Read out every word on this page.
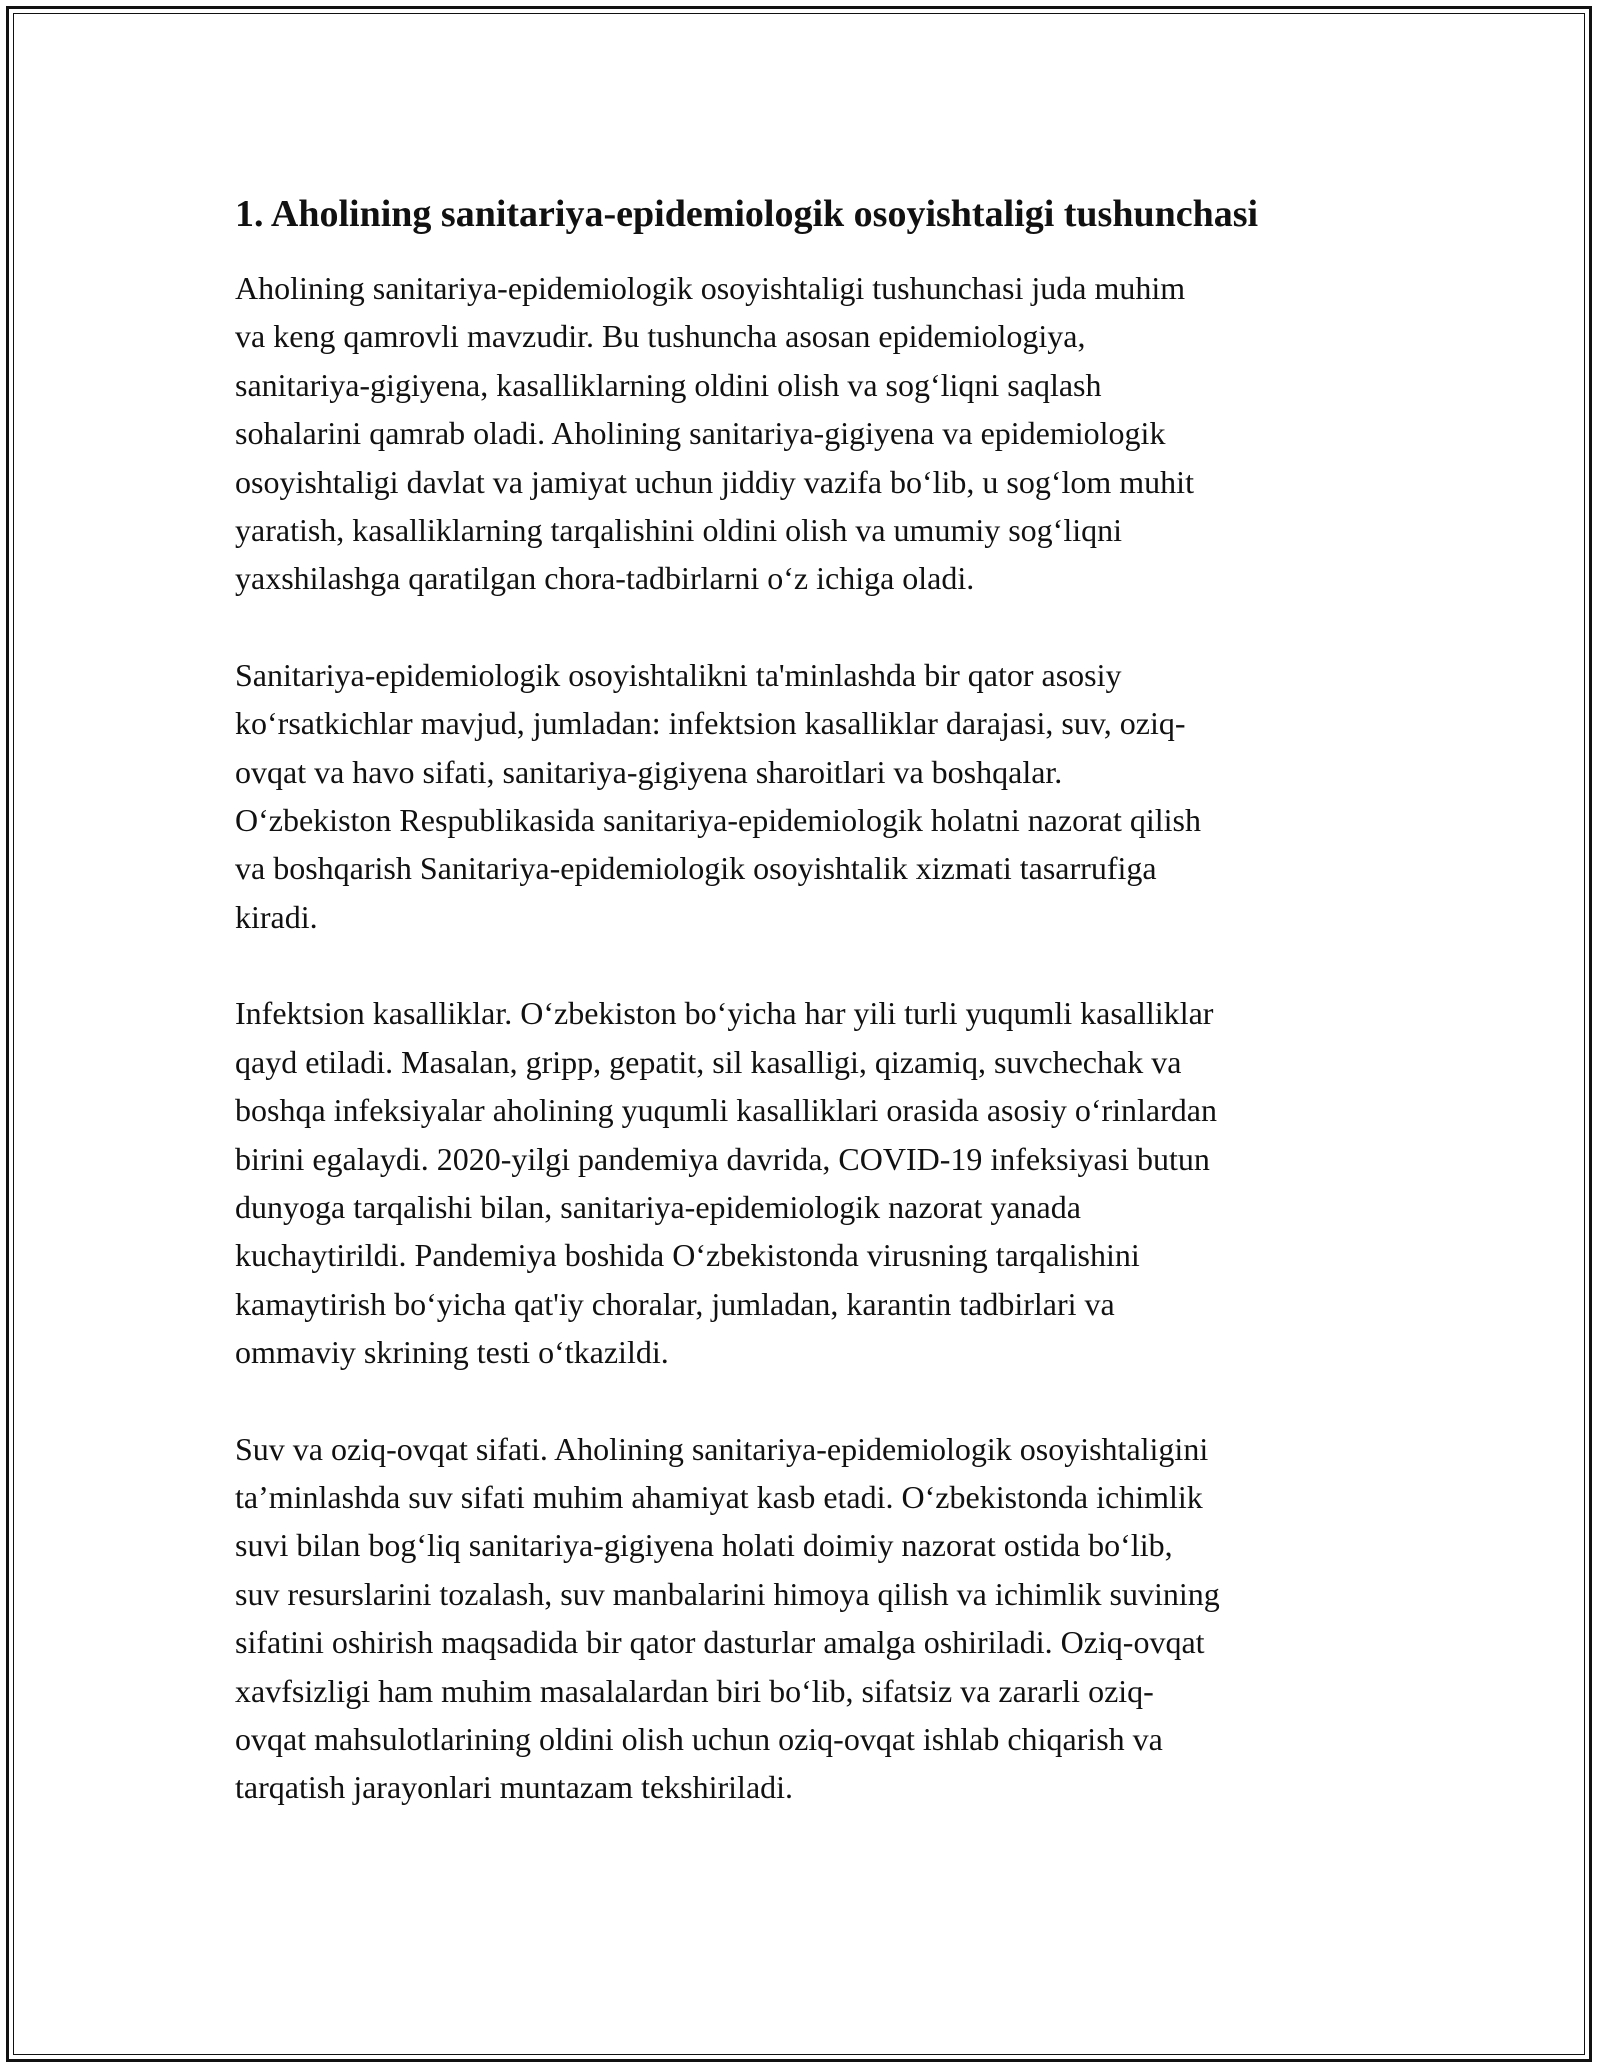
1. Aholining sanitariya-epidemiologik osoyishtaligi tushunchasi
Aholining sanitariya-epidemiologik osoyishtaligi tushunchasi juda muhim
va keng qamrovli mavzudir. Bu tushuncha asosan epidemiologiya,
sanitariya-gigiyena, kasalliklarning oldini olish va sog‘liqni saqlash
sohalarini qamrab oladi. Aholining sanitariya-gigiyena va epidemiologik
osoyishtaligi davlat va jamiyat uchun jiddiy vazifa bo‘lib, u sog‘lom muhit
yaratish, kasalliklarning tarqalishini oldini olish va umumiy sog‘liqni
yaxshilashga qaratilgan chora-tadbirlarni o‘z ichiga oladi.
Sanitariya-epidemiologik osoyishtalikni ta'minlashda bir qator asosiy
ko‘rsatkichlar mavjud, jumladan: infektsion kasalliklar darajasi, suv, oziq-
ovqat va havo sifati, sanitariya-gigiyena sharoitlari va boshqalar.
O‘zbekiston Respublikasida sanitariya-epidemiologik holatni nazorat qilish
va boshqarish Sanitariya-epidemiologik osoyishtalik xizmati tasarrufiga
kiradi.
Infektsion kasalliklar. O‘zbekiston bo‘yicha har yili turli yuqumli kasalliklar
qayd etiladi. Masalan, gripp, gepatit, sil kasalligi, qizamiq, suvchechak va
boshqa infeksiyalar aholining yuqumli kasalliklari orasida asosiy o‘rinlardan
birini egalaydi. 2020-yilgi pandemiya davrida, COVID-19 infeksiyasi butun
dunyoga tarqalishi bilan, sanitariya-epidemiologik nazorat yanada
kuchaytirildi. Pandemiya boshida O‘zbekistonda virusning tarqalishini
kamaytirish bo‘yicha qat'iy choralar, jumladan, karantin tadbirlari va
ommaviy skrining testi o‘tkazildi.
Suv va oziq-ovqat sifati. Aholining sanitariya-epidemiologik osoyishtaligini
ta’minlashda suv sifati muhim ahamiyat kasb etadi. O‘zbekistonda ichimlik
suvi bilan bog‘liq sanitariya-gigiyena holati doimiy nazorat ostida bo‘lib,
suv resurslarini tozalash, suv manbalarini himoya qilish va ichimlik suvining
sifatini oshirish maqsadida bir qator dasturlar amalga oshiriladi. Oziq-ovqat
xavfsizligi ham muhim masalalardan biri bo‘lib, sifatsiz va zararli oziq-
ovqat mahsulotlarining oldini olish uchun oziq-ovqat ishlab chiqarish va
tarqatish jarayonlari muntazam tekshiriladi.
